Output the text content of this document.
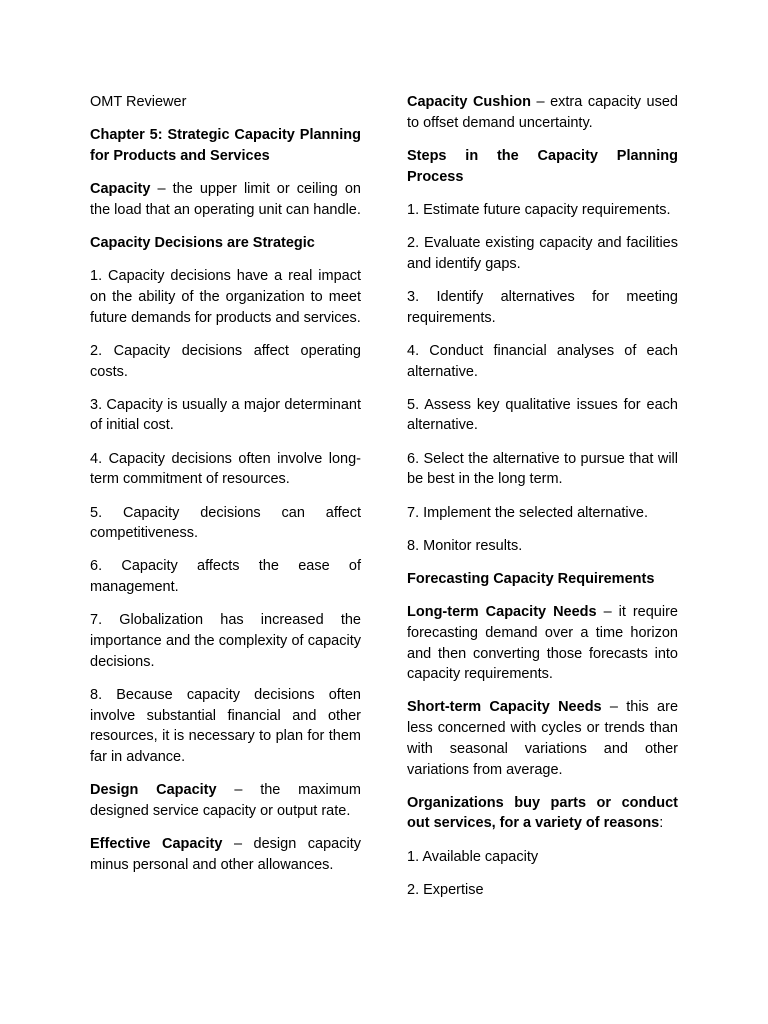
OMT Reviewer

Chapter 5: Strategic Capacity Planning for Products and Services

Capacity – the upper limit or ceiling on the load that an operating unit can handle.

Capacity Decisions are Strategic

1. Capacity decisions have a real impact on the ability of the organization to meet future demands for products and services.

2. Capacity decisions affect operating costs.

3. Capacity is usually a major determinant of initial cost.

4. Capacity decisions often involve long-term commitment of resources.

5. Capacity decisions can affect competitiveness.

6. Capacity affects the ease of management.

7. Globalization has increased the importance and the complexity of capacity decisions.

8. Because capacity decisions often involve substantial financial and other resources, it is necessary to plan for them far in advance.

Design Capacity – the maximum designed service capacity or output rate.

Effective Capacity – design capacity minus personal and other allowances.

Capacity Cushion – extra capacity used to offset demand uncertainty.

Steps in the Capacity Planning Process

1. Estimate future capacity requirements.

2. Evaluate existing capacity and facilities and identify gaps.

3. Identify alternatives for meeting requirements.

4. Conduct financial analyses of each alternative.

5. Assess key qualitative issues for each alternative.

6. Select the alternative to pursue that will be best in the long term.

7. Implement the selected alternative.

8. Monitor results.

Forecasting Capacity Requirements

Long-term Capacity Needs – it require forecasting demand over a time horizon and then converting those forecasts into capacity requirements.

Short-term Capacity Needs – this are less concerned with cycles or trends than with seasonal variations and other variations from average.

Organizations buy parts or conduct out services, for a variety of reasons:

1. Available capacity

2. Expertise
